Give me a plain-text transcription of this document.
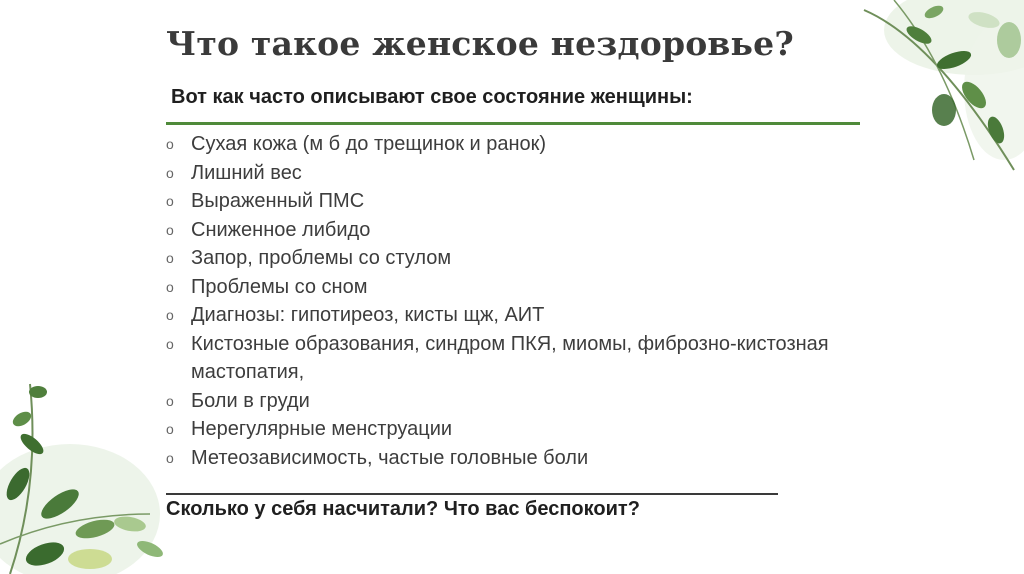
Что такое женское нездоровье?
Вот как часто описывают свое состояние женщины:
o Сухая кожа (м б до трещинок и ранок)
o Лишний вес
o Выраженный ПМС
o Сниженное либидо
o Запор, проблемы со стулом
o Проблемы со сном
o Диагнозы: гипотиреоз, кисты щж, АИТ
o Кистозные образования, синдром ПКЯ, миомы, фиброзно-кистозная мастопатия,
o Боли в груди
o Нерегулярные менструации
o Метеозависимость, частые головные боли
Сколько у себя насчитали? Что вас беспокоит?
